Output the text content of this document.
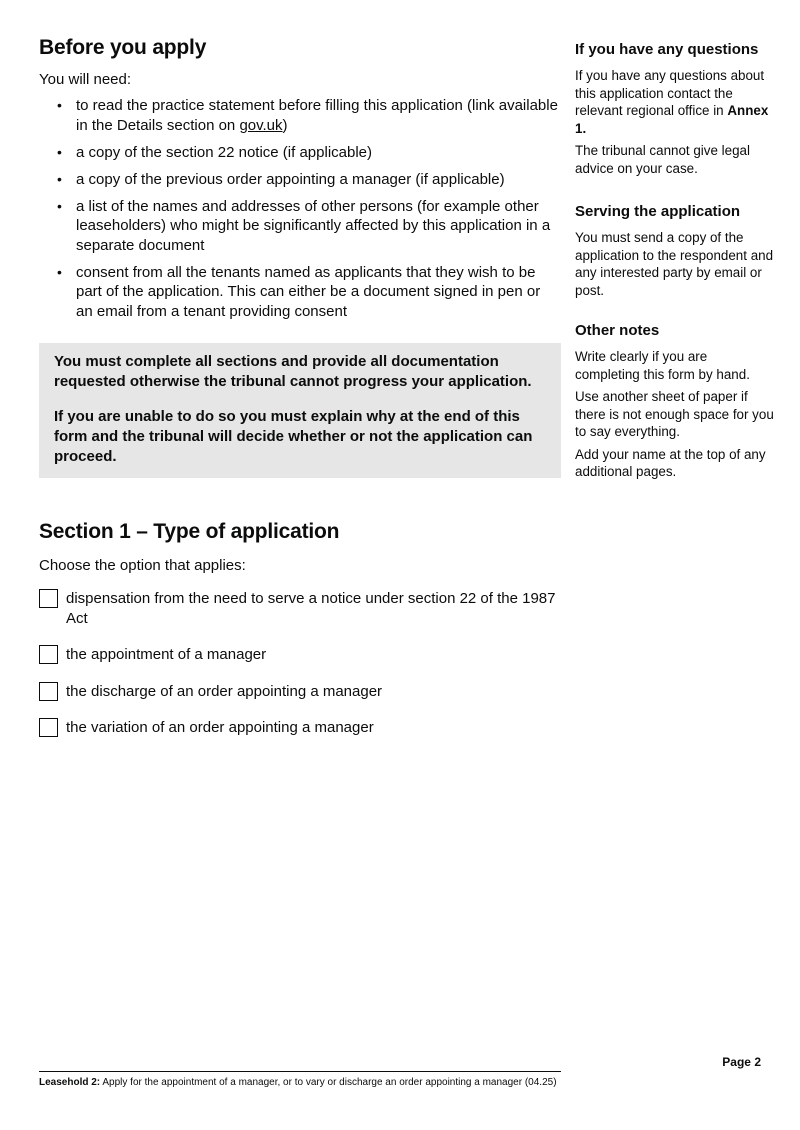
Before you apply

You will need:

• to read the practice statement before filling this application (link available in the Details section on gov.uk)
• a copy of the section 22 notice (if applicable)
• a copy of the previous order appointing a manager (if applicable)
• a list of the names and addresses of other persons (for example other leaseholders) who might be significantly affected by this application in a separate document
• consent from all the tenants named as applicants that they wish to be part of the application. This can either be a document signed in pen or an email from a tenant providing consent

You must complete all sections and provide all documentation requested otherwise the tribunal cannot progress your application.

If you are unable to do so you must explain why at the end of this form and the tribunal will decide whether or not the application can proceed.

Section 1 – Type of application

Choose the option that applies:

dispensation from the need to serve a notice under section 22 of the 1987 Act
the appointment of a manager
the discharge of an order appointing a manager
the variation of an order appointing a manager
If you have any questions

If you have any questions about this application contact the relevant regional office in Annex 1.

The tribunal cannot give legal advice on your case.

Serving the application

You must send a copy of the application to the respondent and any interested party by email or post.

Other notes

Write clearly if you are completing this form by hand.

Use another sheet of paper if there is not enough space for you to say everything.

Add your name at the top of any additional pages.

Page 2
Leasehold 2: Apply for the appointment of a manager, or to vary or discharge an order appointing a manager (04.25)
